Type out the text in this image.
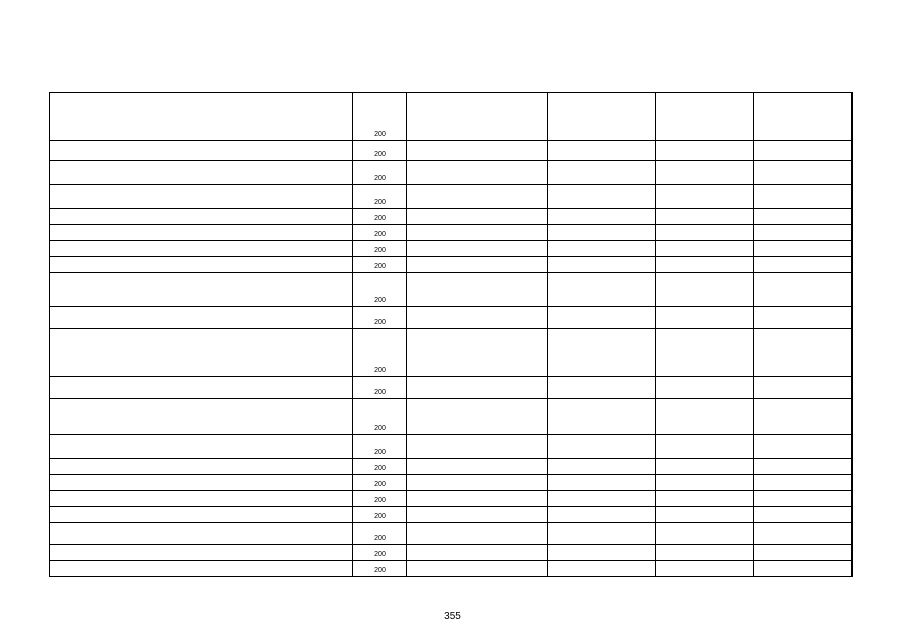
	200				
	200				
	200				
	200				
	200				
	200				
	200				
	200				
	200				
	200				
	200				
	200				
	200				
	200				
	200				
	200				
	200				
	200				
	200				
	200				
	200				
355
